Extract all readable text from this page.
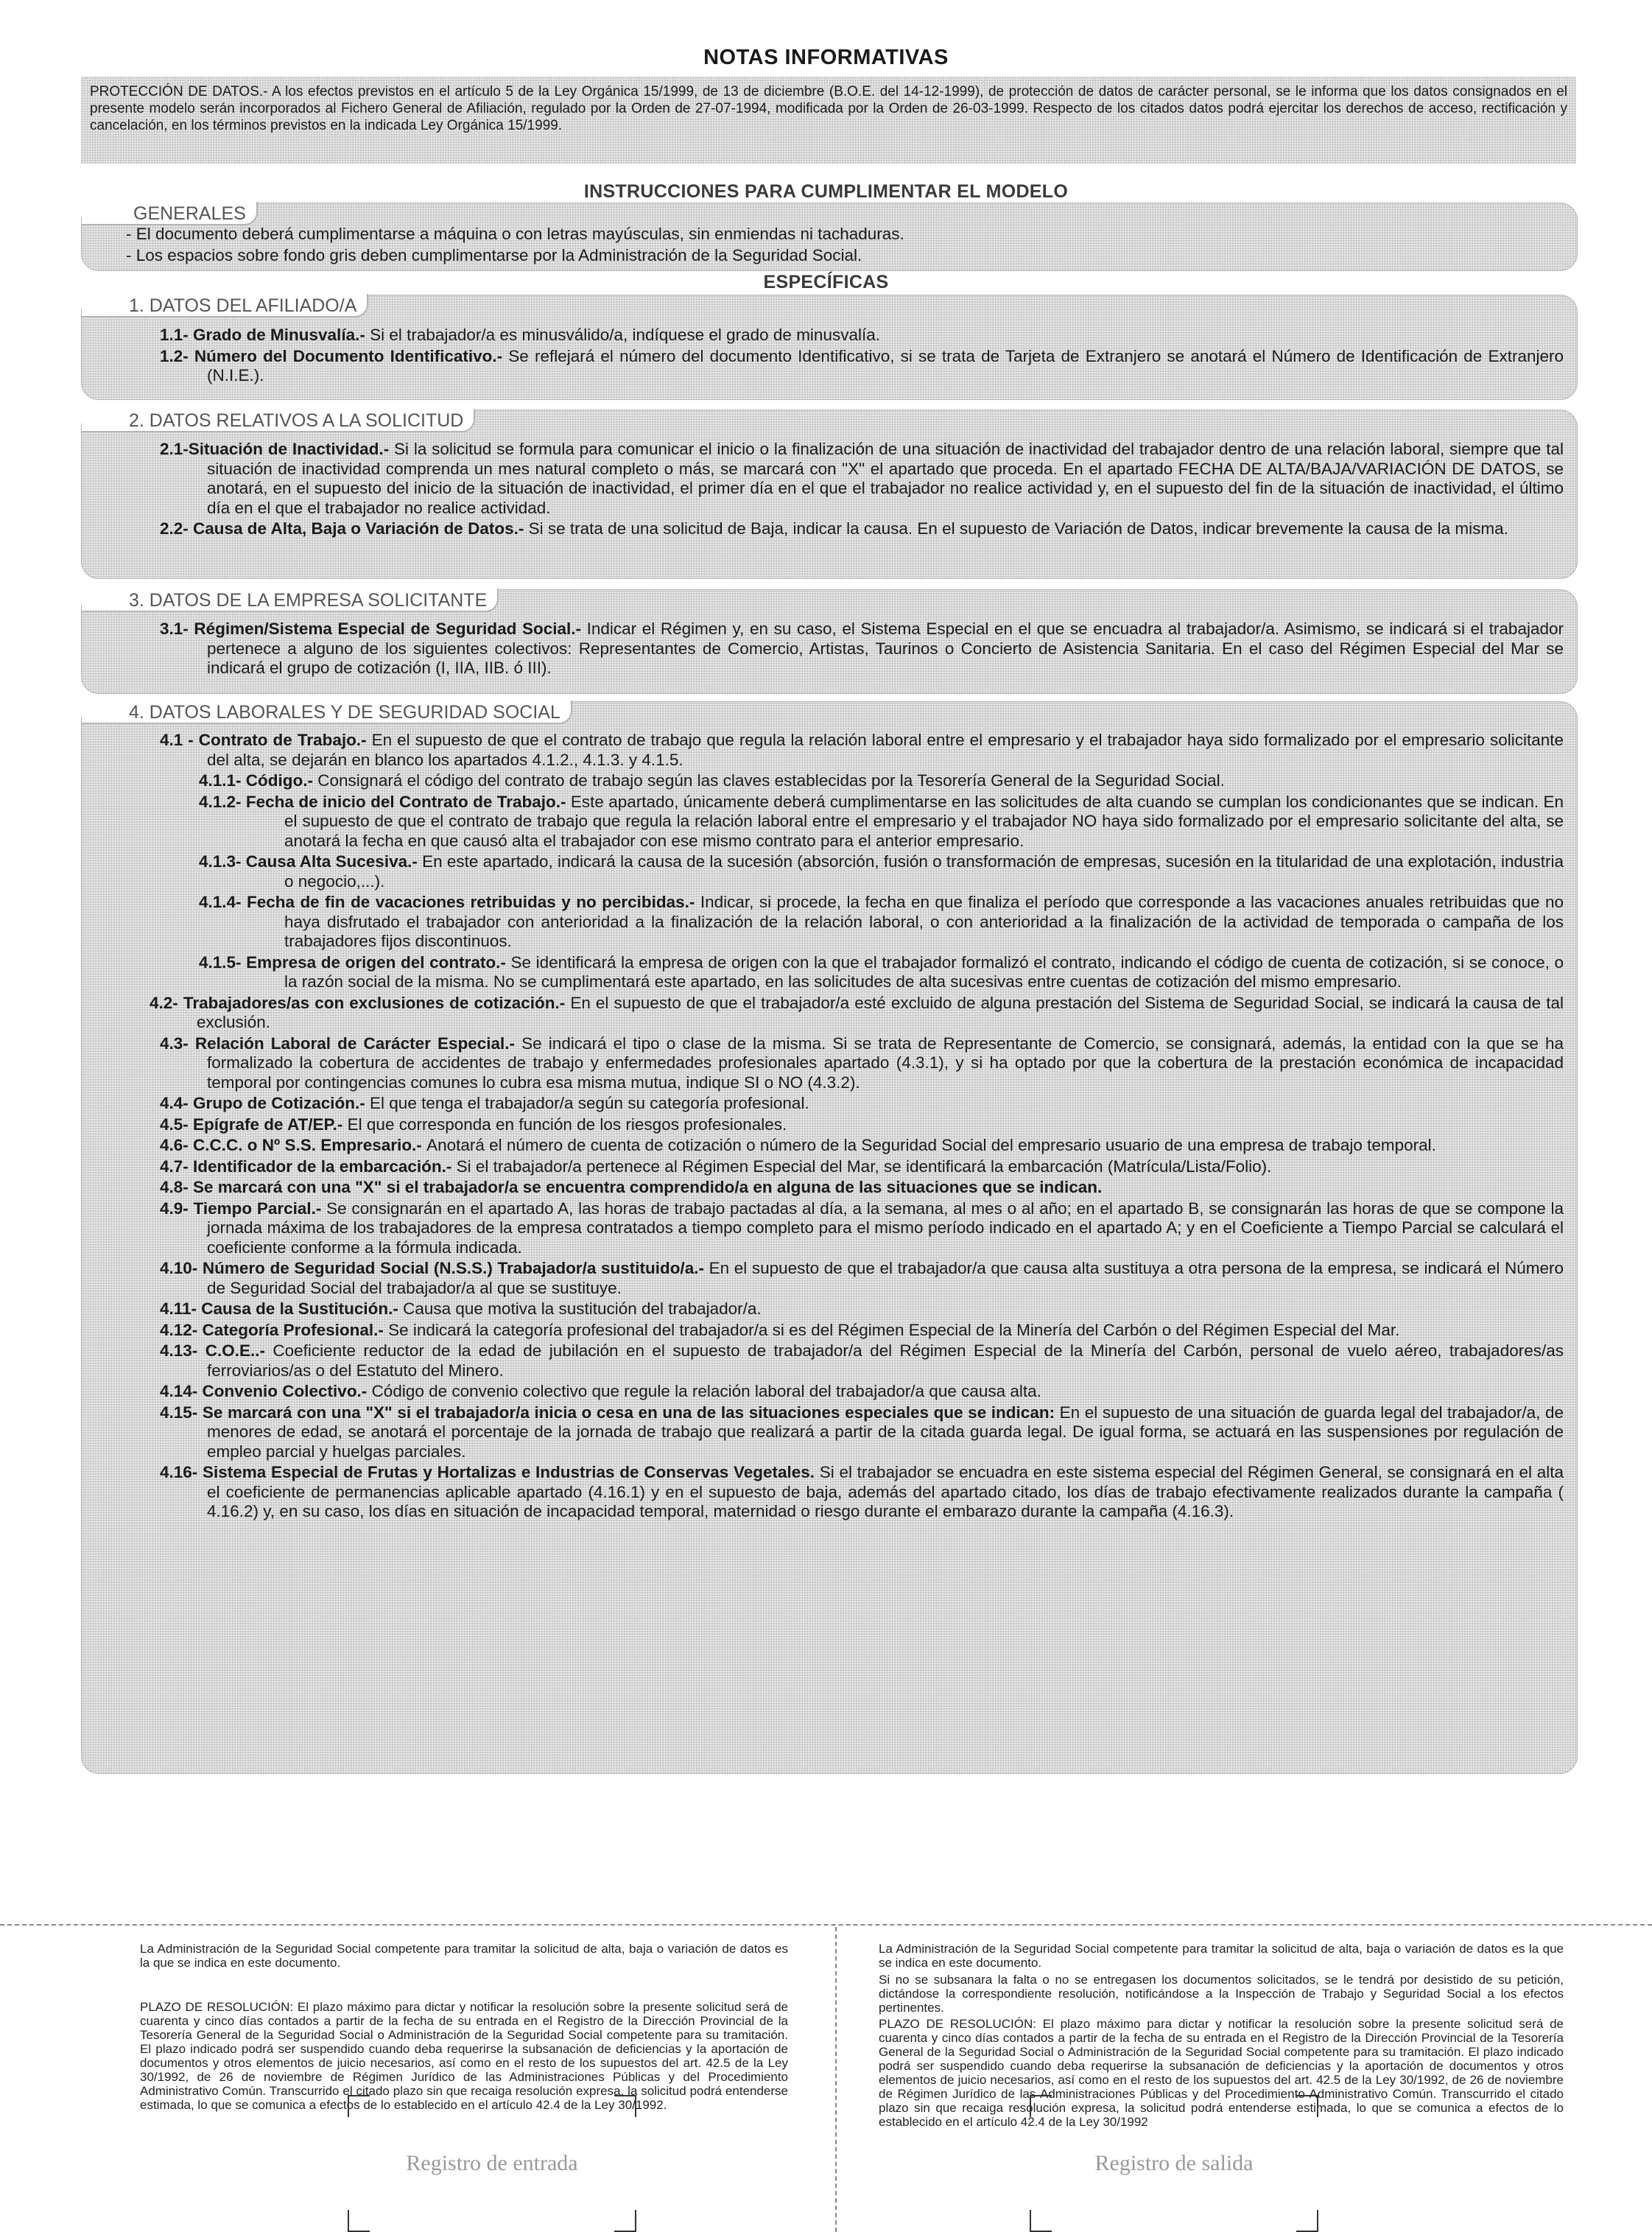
NOTAS INFORMATIVAS
PROTECCIÓN DE DATOS.- A los efectos previstos en el artículo 5 de la Ley Orgánica 15/1999, de 13 de diciembre (B.O.E. del 14-12-1999), de protección de datos de carácter personal, se le informa que los datos consignados en el presente modelo serán incorporados al Fichero General de Afiliación, regulado por la Orden de 27-07-1994, modificada por la Orden de 26-03-1999. Respecto de los citados datos podrá ejercitar los derechos de acceso, rectificación y cancelación, en los términos previstos en la indicada Ley Orgánica 15/1999.
INSTRUCCIONES PARA CUMPLIMENTAR EL MODELO
GENERALES
- El documento deberá cumplimentarse a máquina o con letras mayúsculas, sin enmiendas ni tachaduras.
- Los espacios sobre fondo gris deben cumplimentarse por la Administración de la Seguridad Social.
ESPECÍFICAS
1. DATOS DEL AFILIADO/A
1.1- Grado de Minusvalía.- Si el trabajador/a es minusválido/a, indíquese el grado de minusvalía.
1.2- Número del Documento Identificativo.- Se reflejará el número del documento Identificativo, si se trata de Tarjeta de Extranjero se anotará el Número de Identificación de Extranjero (N.I.E.).
2. DATOS RELATIVOS A LA SOLICITUD
2.1-Situación de Inactividad.- Si la solicitud se formula para comunicar el inicio o la finalización de una situación de inactividad del trabajador dentro de una relación laboral, siempre que tal situación de inactividad comprenda un mes natural completo o más, se marcará con "X" el apartado que proceda. En el apartado FECHA DE ALTA/BAJA/VARIACIÓN DE DATOS, se anotará, en el supuesto del inicio de la situación de inactividad, el primer día en el que el trabajador no realice actividad y, en el supuesto del fin de la situación de inactividad, el último día en el que el trabajador no realice actividad.
2.2- Causa de Alta, Baja o Variación de Datos.- Si se trata de una solicitud de Baja, indicar la causa. En el supuesto de Variación de Datos, indicar brevemente la causa de la misma.
3. DATOS DE LA EMPRESA SOLICITANTE
3.1- Régimen/Sistema Especial de Seguridad Social.- Indicar el Régimen y, en su caso, el Sistema Especial en el que se encuadra al trabajador/a. Asimismo, se indicará si el trabajador pertenece a alguno de los siguientes colectivos: Representantes de Comercio, Artistas, Taurinos o Concierto de Asistencia Sanitaria. En el caso del Régimen Especial del Mar se indicará el grupo de cotización (I, IIA, IIB. ó III).
4. DATOS LABORALES Y DE SEGURIDAD SOCIAL
4.1 - Contrato de Trabajo.- En el supuesto de que el contrato de trabajo que regula la relación laboral entre el empresario y el trabajador haya sido formalizado por el empresario solicitante del alta, se dejarán en blanco los apartados 4.1.2., 4.1.3. y 4.1.5.
4.1.1- Código.- Consignará el código del contrato de trabajo según las claves establecidas por la Tesorería General de la Seguridad Social.
4.1.2- Fecha de inicio del Contrato de Trabajo.- Este apartado, únicamente deberá cumplimentarse en las solicitudes de alta cuando se cumplan los condicionantes que se indican. En el supuesto de que el contrato de trabajo que regula la relación laboral entre el empresario y el trabajador NO haya sido formalizado por el empresario solicitante del alta, se anotará la fecha en que causó alta el trabajador con ese mismo contrato para el anterior empresario.
4.1.3- Causa Alta Sucesiva.- En este apartado, indicará la causa de la sucesión (absorción, fusión o transformación de empresas, sucesión en la titularidad de una explotación, industria o negocio,...).
4.1.4- Fecha de fin de vacaciones retribuidas y no percibidas.- Indicar, si procede, la fecha en que finaliza el período que corresponde a las vacaciones anuales retribuidas que no haya disfrutado el trabajador con anterioridad a la finalización de la relación laboral, o con anterioridad a la finalización de la actividad de temporada o campaña de los trabajadores fijos discontinuos.
4.1.5- Empresa de origen del contrato.- Se identificará la empresa de origen con la que el trabajador formalizó el contrato, indicando el código de cuenta de cotización, si se conoce, o la razón social de la misma. No se cumplimentará este apartado, en las solicitudes de alta sucesivas entre cuentas de cotización del mismo empresario.
4.2- Trabajadores/as con exclusiones de cotización.- En el supuesto de que el trabajador/a esté excluido de alguna prestación del Sistema de Seguridad Social, se indicará la causa de tal exclusión.
4.3- Relación Laboral de Carácter Especial.- Se indicará el tipo o clase de la misma. Si se trata de Representante de Comercio, se consignará, además, la entidad con la que se ha formalizado la cobertura de accidentes de trabajo y enfermedades profesionales apartado (4.3.1), y si ha optado por que la cobertura de la prestación económica de incapacidad temporal por contingencias comunes lo cubra esa misma mutua, indique SI o NO (4.3.2).
4.4- Grupo de Cotización.- El que tenga el trabajador/a según su categoría profesional.
4.5- Epígrafe de AT/EP.- El que corresponda en función de los riesgos profesionales.
4.6- C.C.C. o Nº S.S. Empresario.- Anotará el número de cuenta de cotización o número de la Seguridad Social del empresario usuario de una empresa de trabajo temporal.
4.7- Identificador de la embarcación.- Si el trabajador/a pertenece al Régimen Especial del Mar, se identificará la embarcación (Matrícula/Lista/Folio).
4.8- Se marcará con una "X" si el trabajador/a se encuentra comprendido/a en alguna de las situaciones que se indican.
4.9- Tiempo Parcial.- Se consignarán en el apartado A, las horas de trabajo pactadas al día, a la semana, al mes o al año; en el apartado B, se consignarán las horas de que se compone la jornada máxima de los trabajadores de la empresa contratados a tiempo completo para el mismo período indicado en el apartado A; y en el Coeficiente a Tiempo Parcial se calculará el coeficiente conforme a la fórmula indicada.
4.10- Número de Seguridad Social (N.S.S.) Trabajador/a sustituido/a.- En el supuesto de que el trabajador/a que causa alta sustituya a otra persona de la empresa, se indicará el Número de Seguridad Social del trabajador/a al que se sustituye.
4.11- Causa de la Sustitución.- Causa que motiva la sustitución del trabajador/a.
4.12- Categoría Profesional.- Se indicará la categoría profesional del trabajador/a si es del Régimen Especial de la Minería del Carbón o del Régimen Especial del Mar.
4.13- C.O.E..- Coeficiente reductor de la edad de jubilación en el supuesto de trabajador/a del Régimen Especial de la Minería del Carbón, personal de vuelo aéreo, trabajadores/as ferroviarios/as o del Estatuto del Minero.
4.14- Convenio Colectivo.- Código de convenio colectivo que regule la relación laboral del trabajador/a que causa alta.
4.15- Se marcará con una "X" si el trabajador/a inicia o cesa en una de las situaciones especiales que se indican: En el supuesto de una situación de guarda legal del trabajador/a, de menores de edad, se anotará el porcentaje de la jornada de trabajo que realizará a partir de la citada guarda legal. De igual forma, se actuará en las suspensiones por regulación de empleo parcial y huelgas parciales.
4.16- Sistema Especial de Frutas y Hortalizas e Industrias de Conservas Vegetales. Si el trabajador se encuadra en este sistema especial del Régimen General, se consignará en el alta el coeficiente de permanencias aplicable apartado (4.16.1) y en el supuesto de baja, además del apartado citado, los días de trabajo efectivamente realizados durante la campaña ( 4.16.2) y, en su caso, los días en situación de incapacidad temporal, maternidad o riesgo durante el embarazo durante la campaña (4.16.3).
La Administración de la Seguridad Social competente para tramitar la solicitud de alta, baja o variación de datos es la que se indica en este documento.
PLAZO DE RESOLUCIÓN: El plazo máximo para dictar y notificar la resolución sobre la presente solicitud será de cuarenta y cinco días contados a partir de la fecha de su entrada en el Registro de la Dirección Provincial de la Tesorería General de la Seguridad Social o Administración de la Seguridad Social competente para su tramitación. El plazo indicado podrá ser suspendido cuando deba requerirse la subsanación de deficiencias y la aportación de documentos y otros elementos de juicio necesarios, así como en el resto de los supuestos del art. 42.5 de la Ley 30/1992, de 26 de noviembre de Régimen Jurídico de las Administraciones Públicas y del Procedimiento Administrativo Común. Transcurrido el citado plazo sin que recaiga resolución expresa, la solicitud podrá entenderse estimada, lo que se comunica a efectos de lo establecido en el artículo 42.4 de la Ley 30/1992.
Registro de entrada
La Administración de la Seguridad Social competente para tramitar la solicitud de alta, baja o variación de datos es la que se indica en este documento.
Si no se subsanara la falta o no se entregasen los documentos solicitados, se le tendrá por desistido de su petición, dictándose la correspondiente resolución, notificándose a la Inspección de Trabajo y Seguridad Social a los efectos pertinentes.
PLAZO DE RESOLUCIÓN: El plazo máximo para dictar y notificar la resolución sobre la presente solicitud será de cuarenta y cinco días contados a partir de la fecha de su entrada en el Registro de la Dirección Provincial de la Tesorería General de la Seguridad Social o Administración de la Seguridad Social competente para su tramitación. El plazo indicado podrá ser suspendido cuando deba requerirse la subsanación de deficiencias y la aportación de documentos y otros elementos de juicio necesarios, así como en el resto de los supuestos del art. 42.5 de la Ley 30/1992, de 26 de noviembre de Régimen Jurídico de las Administraciones Públicas y del Procedimiento Administrativo Común. Transcurrido el citado plazo sin que recaiga resolución expresa, la solicitud podrá entenderse estimada, lo que se comunica a efectos de lo establecido en el artículo 42.4 de la Ley 30/1992
Registro de salida
